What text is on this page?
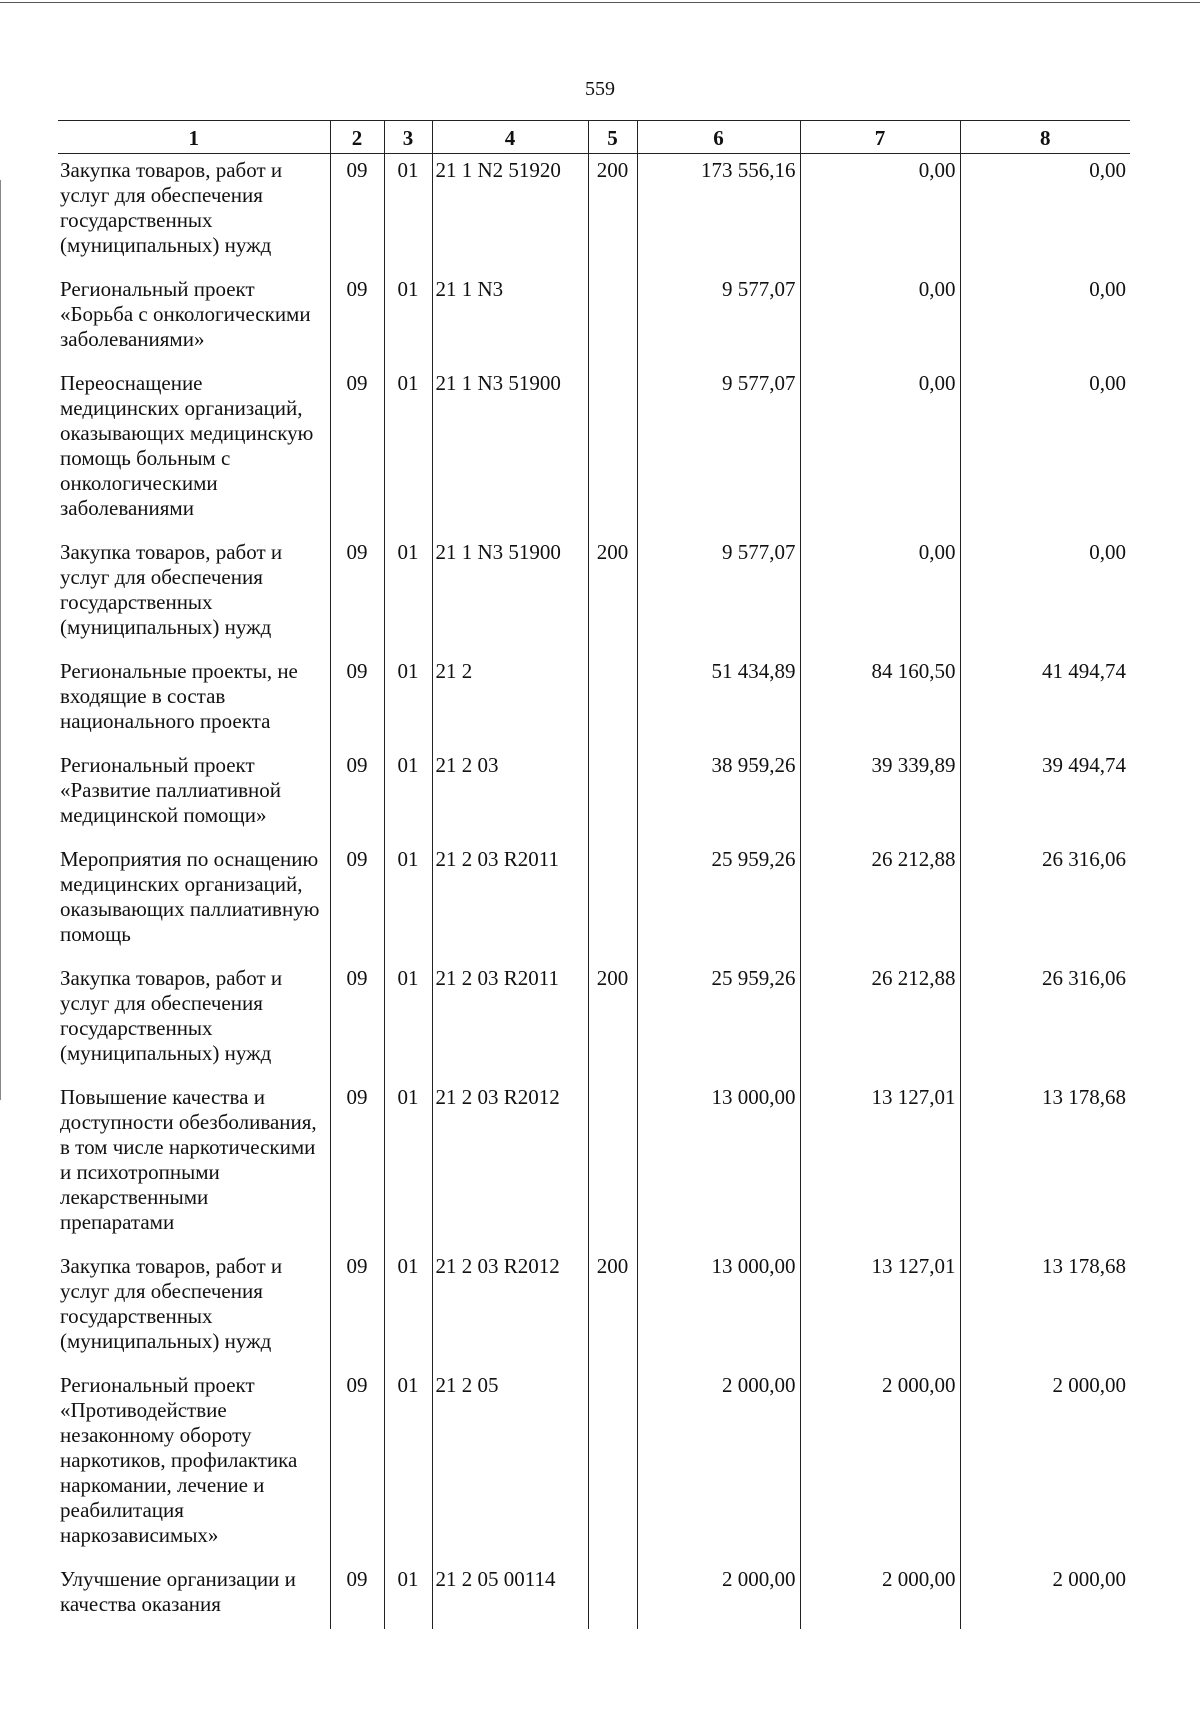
559
1	2	3	4	5	6	7	8
Закупка товаров, работ и услуг для обеспечения государственных (муниципальных) нужд	09	01	21 1 N2 51920	200	173 556,16	0,00	0,00
Региональный проект «Борьба с онкологическими заболеваниями»	09	01	21 1 N3		9 577,07	0,00	0,00
Переоснащение медицинских организаций, оказывающих медицинскую помощь больным с онкологическими заболеваниями	09	01	21 1 N3 51900		9 577,07	0,00	0,00
Закупка товаров, работ и услуг для обеспечения государственных (муниципальных) нужд	09	01	21 1 N3 51900	200	9 577,07	0,00	0,00
Региональные проекты, не входящие в состав национального проекта	09	01	21 2		51 434,89	84 160,50	41 494,74
Региональный проект «Развитие паллиативной медицинской помощи»	09	01	21 2 03		38 959,26	39 339,89	39 494,74
Мероприятия по оснащению медицинских организаций, оказывающих паллиативную помощь	09	01	21 2 03 R2011		25 959,26	26 212,88	26 316,06
Закупка товаров, работ и услуг для обеспечения государственных (муниципальных) нужд	09	01	21 2 03 R2011	200	25 959,26	26 212,88	26 316,06
Повышение качества и доступности обезболивания, в том числе наркотическими и психотропными лекарственными препаратами	09	01	21 2 03 R2012		13 000,00	13 127,01	13 178,68
Закупка товаров, работ и услуг для обеспечения государственных (муниципальных) нужд	09	01	21 2 03 R2012	200	13 000,00	13 127,01	13 178,68
Региональный проект «Противодействие незаконному обороту наркотиков, профилактика наркомании, лечение и реабилитация наркозависимых»	09	01	21 2 05		2 000,00	2 000,00	2 000,00
Улучшение организации и качества оказания	09	01	21 2 05 00114		2 000,00	2 000,00	2 000,00
